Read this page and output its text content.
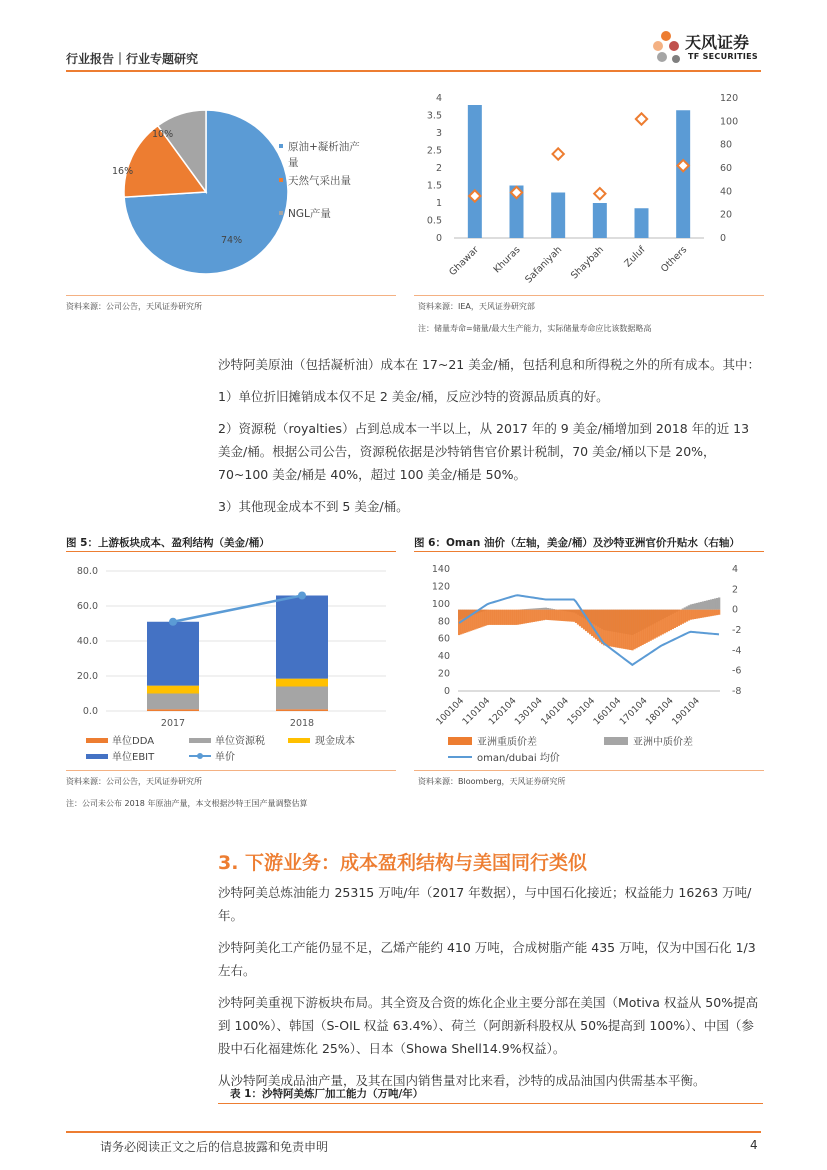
行业报告｜行业专题研究
天风证券
TF SECURITIES
原油+凝析油产
量
天然气采出量
NGL产量
74%
16%
10%
资料来源：公司公告，天风证券研究所
4
3.5
3
2.5
2
1.5
1
0.5
0
120
100
80
60
40
20
0
Ghawar Khuras Safaniyah Shaybah Zuluf Others
资料来源：IEA，天风证券研究部
注：储量寿命=储量/最大生产能力，实际储量寿命应比该数据略高

沙特阿美原油（包括凝析油）成本在 17~21 美金/桶，包括利息和所得税之外的所有成本。其中：

1）单位折旧摊销成本仅不足 2 美金/桶，反应沙特的资源品质真的好。

2）资源税（royalties）占到总成本一半以上，从 2017 年的 9 美金/桶增加到 2018 年的近 13 美金/桶。根据公司公告，资源税依据是沙特销售官价累计税制，70 美金/桶以下是 20%，70~100 美金/桶是 40%，超过 100 美金/桶是 50%。

3）其他现金成本不到 5 美金/桶。

图 5：上游板块成本、盈利结构（美金/桶）
80.0
60.0
40.0
20.0
0.0
2017	2018
单位DDA	单位资源税	现金成本
单位EBIT	单价
资料来源：公司公告，天风证券研究所
注：公司未公布 2018 年原油产量，本文根据沙特王国产量调整估算
图 6：Oman 油价（左轴，美金/桶）及沙特亚洲官价升贴水（右轴）
140
120
100
80
60
40
20
0
4
2
0
-2
-4
-6
-8
100104
110104
120104
130104
140104
150104
160104
170104
180104
190104
亚洲重质价差	亚洲中质价差
oman/dubai 均价
资料来源：Bloomberg，天风证券研究所
3. 下游业务：成本盈利结构与美国同行类似

沙特阿美总炼油能力 25315 万吨/年（2017 年数据），与中国石化接近；权益能力 16263 万吨/年。

沙特阿美化工产能仍显不足，乙烯产能约 410 万吨，合成树脂产能 435 万吨，仅为中国石化 1/3 左右。

沙特阿美重视下游板块布局。其全资及合资的炼化企业主要分部在美国（Motiva 权益从 50%提高到 100%）、韩国（S-OIL 权益 63.4%）、荷兰（阿朗新科股权从 50%提高到 100%）、中国（参股中石化福建炼化 25%）、日本（Showa Shell14.9%权益）。

从沙特阿美成品油产量，及其在国内销售量对比来看，沙特的成品油国内供需基本平衡。

表 1：沙特阿美炼厂加工能力（万吨/年）
请务必阅读正文之后的信息披露和免责申明	4
